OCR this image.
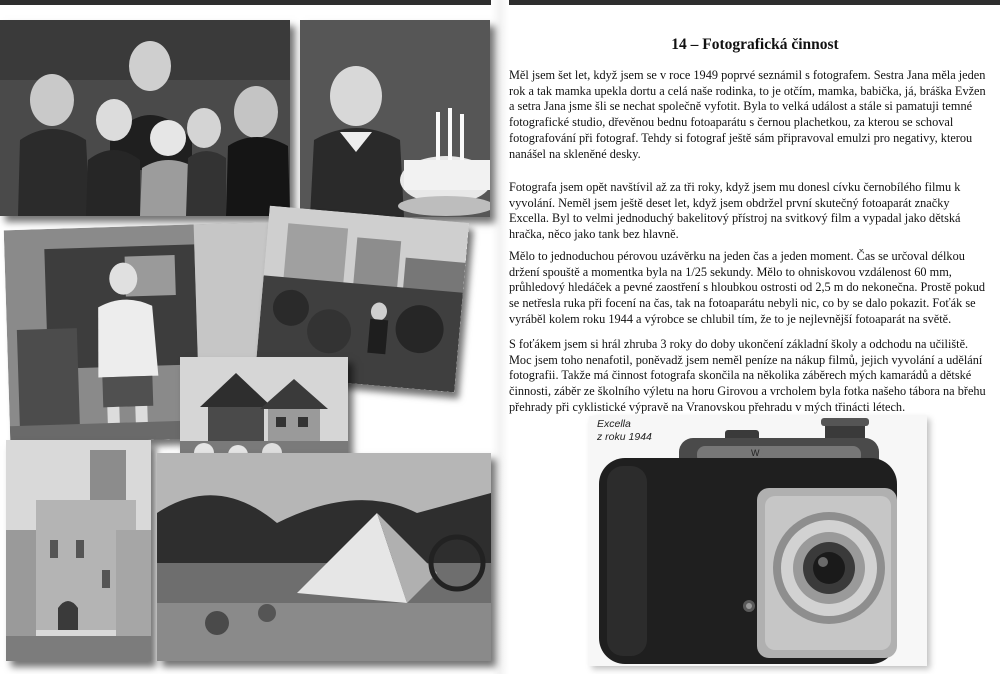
14 – Fotografická činnost

Měl jsem šet let, když jsem se v roce 1949 poprvé seznámil s fotografem. Sestra Jana měla jeden rok a tak mamka upekla dortu a celá naše rodinka, to je otčím, mamka, babička, já, bráška Evžen a setra Jana jsme šli se nechat společně vyfotit. Byla to velká událost a stále si pamatuji temné fotografické studio, dřevěnou bednu fotoaparátu s černou plachetkou, za kterou se schoval fotografování při fotograf. Tehdy si fotograf ještě sám připravoval emulzi pro negativy, kterou nanášel na skleněné desky.

Fotografa jsem opět navštívil až za tři roky, když jsem mu donesl cívku černobílého filmu k vyvolání. Neměl jsem ještě deset let, když jsem obdržel první skutečný fotoaparát značky Excella. Byl to velmi jednoduchý bakelitový přístroj na svitkový film a vypadal jako dětská hračka, něco jako tank bez hlavně.

Mělo to jednoduchou pérovou uzávěrku na jeden čas a jeden moment. Čas se určoval délkou držení spouště a momentka byla na 1/25 sekundy. Mělo to ohniskovou vzdálenost 60 mm, průhledový hledáček a pevné zaostření s hloubkou ostrosti od 2,5 m do nekonečna. Prostě pokud se netřesla ruka při focení na čas, tak na fotoaparátu nebyli nic, co by se dalo pokazit. Foťák se vyráběl kolem roku 1944 a výrobce se chlubil tím, že to je nejlevnější fotoaparát na světě.

S foťákem jsem si hrál zhruba 3 roky do doby ukončení základní školy a odchodu na učiliště. Moc jsem toho nenafotil, poněvadž jsem neměl peníze na nákup filmů, jejich vyvolání a udělání fotografii. Takže má činnost fotografa skončila na několika záběrech mých kamarádů a dětské činnosti, záběr ze školního výletu na horu Girovou a vrcholem byla fotka našeho tábora na břehu přehrady při cyklistické výpravě na Vranovskou přehradu v mých třinácti létech.

W
Excella
z roku 1944
